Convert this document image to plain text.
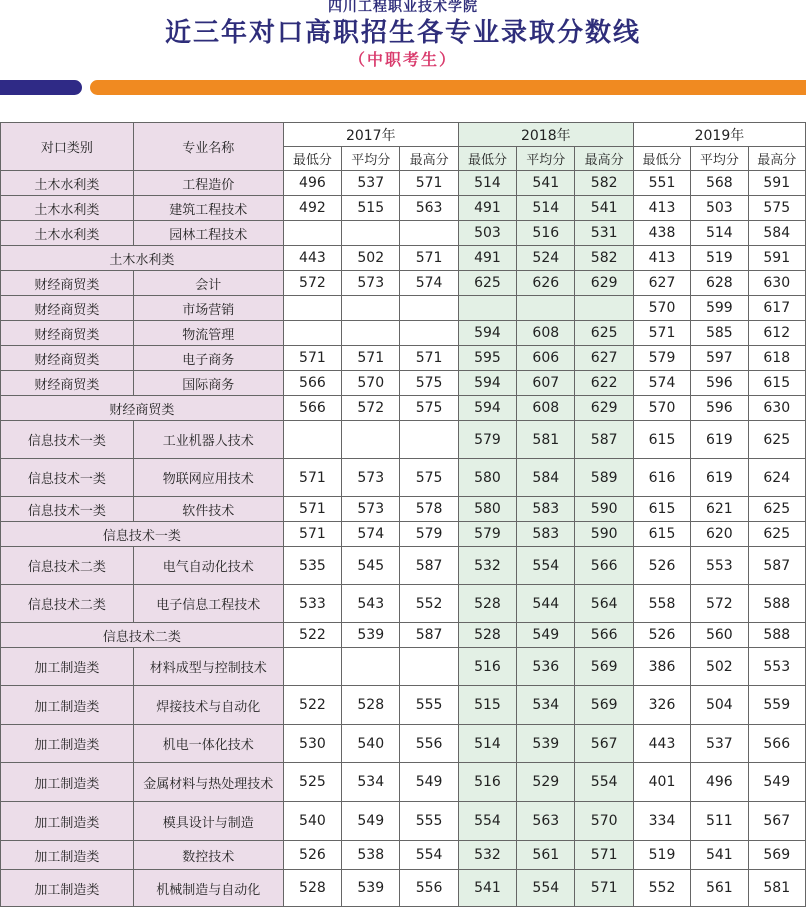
四川工程职业技术学院
近三年对口高职招生各专业录取分数线
（中职考生）
对口类别	专业名称	2017年			2018年			2019年		
		最低分	平均分	最高分	最低分	平均分	最高分	最低分	平均分	最高分
土木水利类	工程造价	496	537	571	514	541	582	551	568	591
土木水利类	建筑工程技术	492	515	563	491	514	541	413	503	575
土木水利类	园林工程技术				503	516	531	438	514	584
土木水利类		443	502	571	491	524	582	413	519	591
财经商贸类	会计	572	573	574	625	626	629	627	628	630
财经商贸类	市场营销							570	599	617
财经商贸类	物流管理				594	608	625	571	585	612
财经商贸类	电子商务	571	571	571	595	606	627	579	597	618
财经商贸类	国际商务	566	570	575	594	607	622	574	596	615
财经商贸类		566	572	575	594	608	629	570	596	630
信息技术一类	工业机器人技术				579	581	587	615	619	625
信息技术一类	物联网应用技术	571	573	575	580	584	589	616	619	624
信息技术一类	软件技术	571	573	578	580	583	590	615	621	625
信息技术一类		571	574	579	579	583	590	615	620	625
信息技术二类	电气自动化技术	535	545	587	532	554	566	526	553	587
信息技术二类	电子信息工程技术	533	543	552	528	544	564	558	572	588
信息技术二类		522	539	587	528	549	566	526	560	588
加工制造类	材料成型与控制技术				516	536	569	386	502	553
加工制造类	焊接技术与自动化	522	528	555	515	534	569	326	504	559
加工制造类	机电一体化技术	530	540	556	514	539	567	443	537	566
加工制造类	金属材料与热处理技术	525	534	549	516	529	554	401	496	549
加工制造类	模具设计与制造	540	549	555	554	563	570	334	511	567
加工制造类	数控技术	526	538	554	532	561	571	519	541	569
加工制造类	机械制造与自动化	528	539	556	541	554	571	552	561	581
